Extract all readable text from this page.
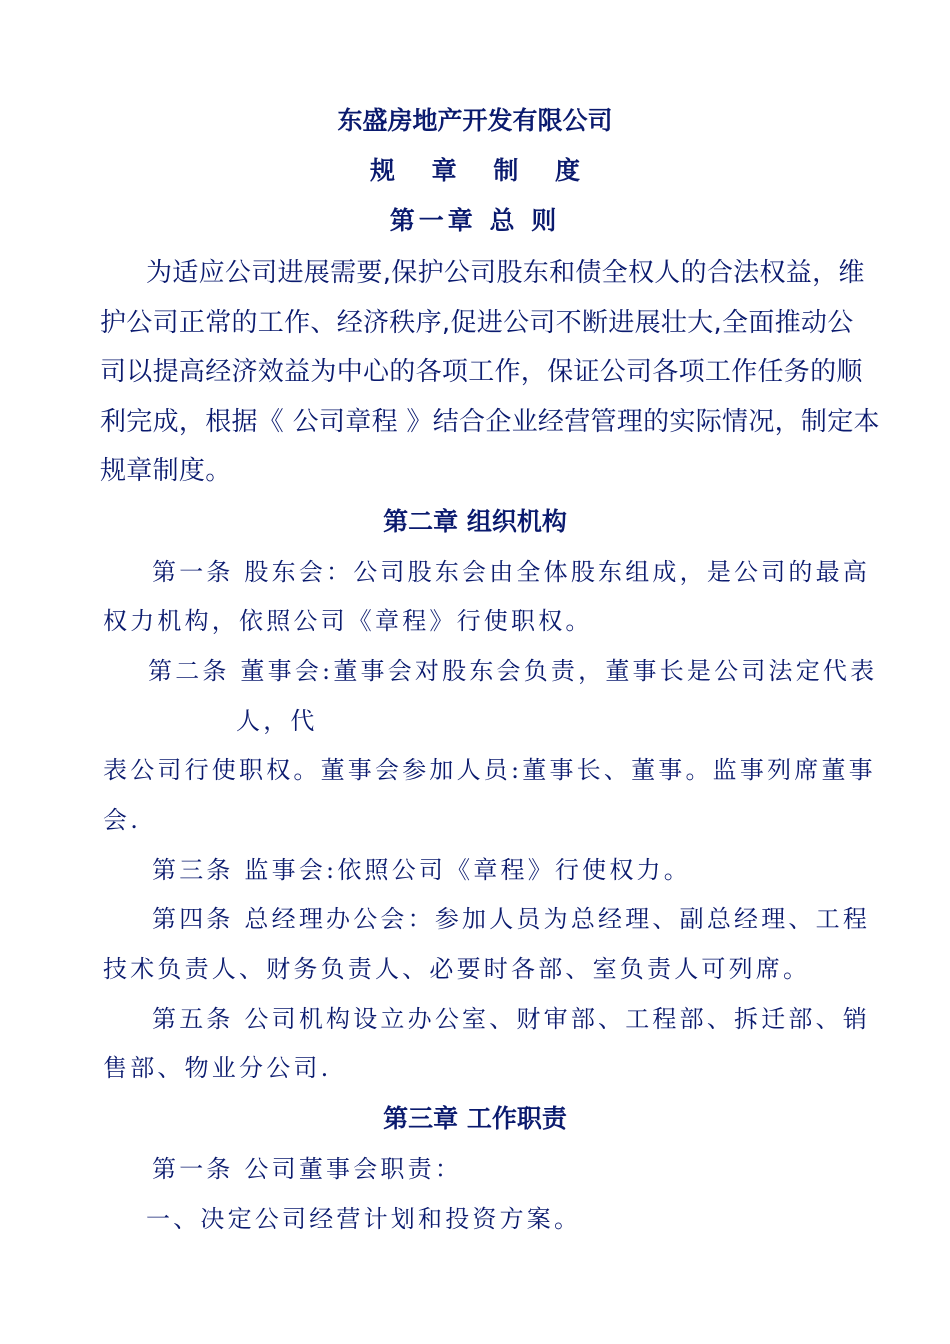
东盛房地产开发有限公司
规 章 制 度
第一章 总 则
为适应公司进展需要,保护公司股东和债全权人的合法权益，维
护公司正常的工作、经济秩序,促进公司不断进展壮大,全面推动公
司以提高经济效益为中心的各项工作，保证公司各项工作任务的顺
利完成，根据《 公司章程 》结合企业经营管理的实际情况，制定本
规章制度。
第二章 组织机构
第一条 股东会：公司股东会由全体股东组成，是公司的最高
权力机构，依照公司《章程》行使职权。
第二条 董事会:董事会对股东会负责，董事长是公司法定代表
人，代
表公司行使职权。董事会参加人员:董事长、董事。监事列席董事
会.
第三条 监事会:依照公司《章程》行使权力。
第四条 总经理办公会：参加人员为总经理、副总经理、工程
技术负责人、财务负责人、必要时各部、室负责人可列席。
第五条 公司机构设立办公室、财审部、工程部、拆迁部、销
售部、物业分公司.
第三章 工作职责
第一条 公司董事会职责：
一、决定公司经营计划和投资方案。
